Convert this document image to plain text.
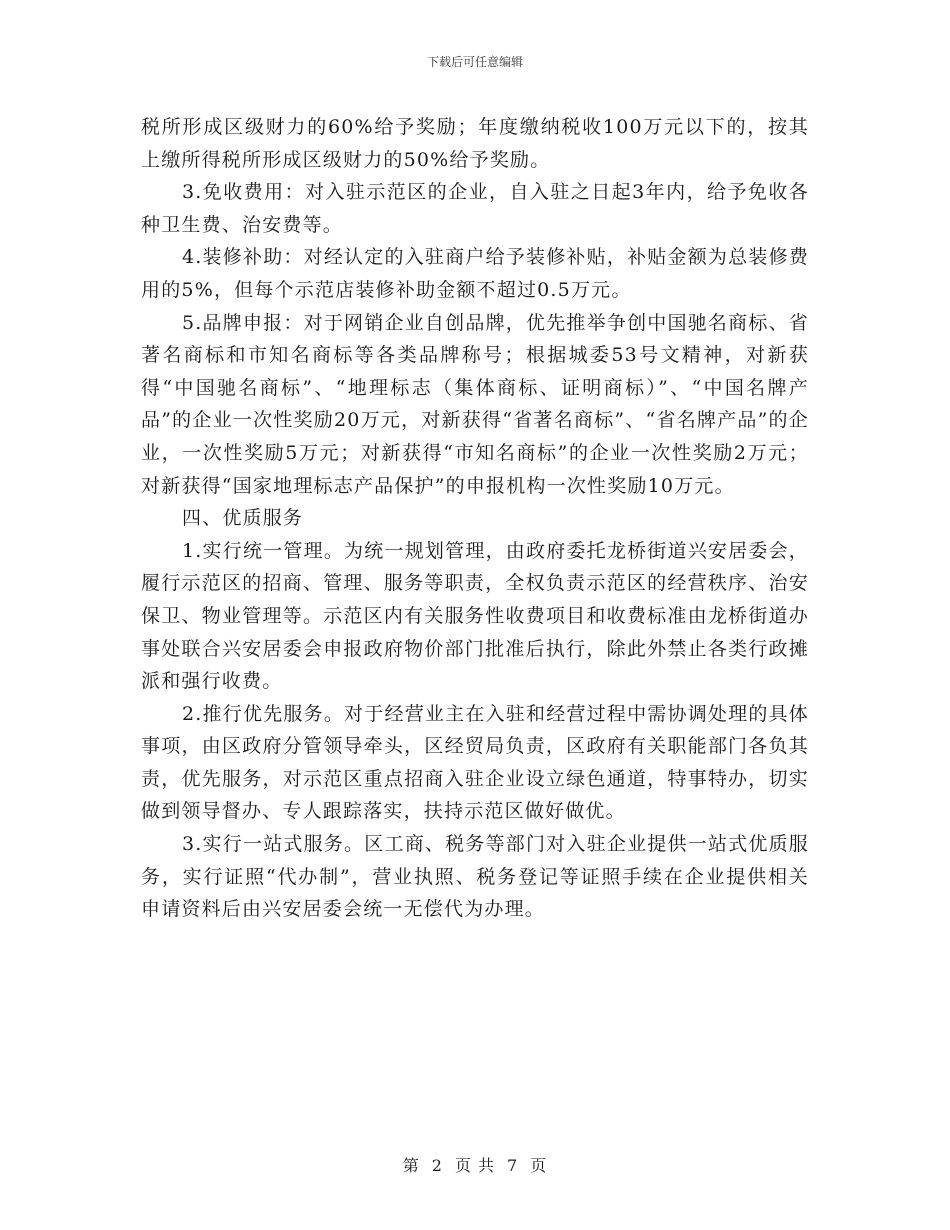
下载后可任意编辑

税所形成区级财力的60%给予奖励；年度缴纳税收100万元以下的，按其上缴所得税所形成区级财力的50%给予奖励。

3.免收费用：对入驻示范区的企业，自入驻之日起3年内，给予免收各种卫生费、治安费等。

4.装修补助：对经认定的入驻商户给予装修补贴，补贴金额为总装修费用的5%，但每个示范店装修补助金额不超过0.5万元。

5.品牌申报：对于网销企业自创品牌，优先推举争创中国驰名商标、省著名商标和市知名商标等各类品牌称号；根据城委53号文精神，对新获得“中国驰名商标”、“地理标志（集体商标、证明商标）”、“中国名牌产品”的企业一次性奖励20万元，对新获得“省著名商标”、“省名牌产品”的企业，一次性奖励5万元；对新获得“市知名商标”的企业一次性奖励2万元；对新获得“国家地理标志产品保护”的申报机构一次性奖励10万元。

四、优质服务

1.实行统一管理。为统一规划管理，由政府委托龙桥街道兴安居委会，履行示范区的招商、管理、服务等职责，全权负责示范区的经营秩序、治安保卫、物业管理等。示范区内有关服务性收费项目和收费标准由龙桥街道办事处联合兴安居委会申报政府物价部门批准后执行，除此外禁止各类行政摊派和强行收费。

2.推行优先服务。对于经营业主在入驻和经营过程中需协调处理的具体事项，由区政府分管领导牵头，区经贸局负责，区政府有关职能部门各负其责，优先服务，对示范区重点招商入驻企业设立绿色通道，特事特办，切实做到领导督办、专人跟踪落实，扶持示范区做好做优。

3.实行一站式服务。区工商、税务等部门对入驻企业提供一站式优质服务，实行证照“代办制”，营业执照、税务登记等证照手续在企业提供相关申请资料后由兴安居委会统一无偿代为办理。

第 2 页 共 7 页
